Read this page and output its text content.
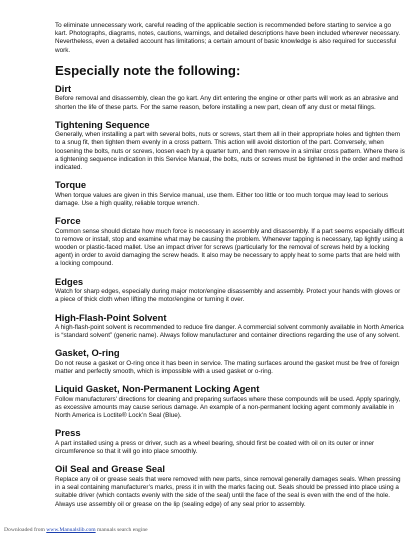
To eliminate unnecessary work, careful reading of the applicable section is recommended before starting to service a go kart. Photographs, diagrams, notes, cautions, warnings, and detailed descriptions have been included wherever necessary. Nevertheless, even a detailed account has limitations; a certain amount of basic knowledge is also required for successful work.

Especially note the following:
Dirt

Before removal and disassembly, clean the go kart. Any dirt entering the engine or other parts will work as an abrasive and shorten the life of these parts. For the same reason, before installing a new part, clean off any dust or metal filings.

Tightening Sequence

Generally, when installing a part with several bolts, nuts or screws, start them all in their appropriate holes and tighten them to a snug fit, then tighten them evenly in a cross pattern. This action will avoid distortion of the part. Conversely, when loosening the bolts, nuts or screws, loosen each by a quarter turn, and then remove in a similar cross pattern. Where there is a tightening sequence indication in this Service Manual, the bolts, nuts or screws must be tightened in the order and method indicated.

Torque

When torque values are given in this Service manual, use them. Either too little or too much torque may lead to serious damage. Use a high quality, reliable torque wrench.

Force

Common sense should dictate how much force is necessary in assembly and disassembly. If a part seems especially difficult to remove or install, stop and examine what may be causing the problem. Whenever tapping is necessary, tap lightly using a wooden or plastic-faced mallet. Use an impact driver for screws (particularly for the removal of screws held by a locking agent) in order to avoid damaging the screw heads. It also may be necessary to apply heat to some parts that are held with a locking compound.

Edges

Watch for sharp edges, especially during major motor/engine disassembly and assembly. Protect your hands with gloves or a piece of thick cloth when lifting the motor/engine or turning it over.

High-Flash-Point Solvent

A high-flash-point solvent is recommended to reduce fire danger. A commercial solvent commonly available in North America is “standard solvent” (generic name). Always follow manufacturer and container directions regarding the use of any solvent.

Gasket, O-ring

Do not reuse a gasket or O-ring once it has been in service. The mating surfaces around the gasket must be free of foreign matter and perfectly smooth, which is impossible with a used gasket or o-ring.

Liquid Gasket, Non-Permanent Locking Agent

Follow manufacturers' directions for cleaning and preparing surfaces where these compounds will be used. Apply sparingly, as excessive amounts may cause serious damage. An example of a non-permanent locking agent commonly available in North America is Loctite® Lock’n Seal (Blue).

Press

A part installed using a press or driver, such as a wheel bearing, should first be coated with oil on its outer or inner circumference so that it will go into place smoothly.

Oil Seal and Grease Seal

Replace any oil or grease seals that were removed with new parts, since removal generally damages seals. When pressing in a seal containing manufacturer’s marks, press it in with the marks facing out. Seals should be pressed into place using a suitable driver (which contacts evenly with the side of the seal) until the face of the seal is even with the end of the hole. Always use assembly oil or grease on the lip (sealing edge) of any seal prior to assembly.

Downloaded from www.Manualslib.com manuals search engine
